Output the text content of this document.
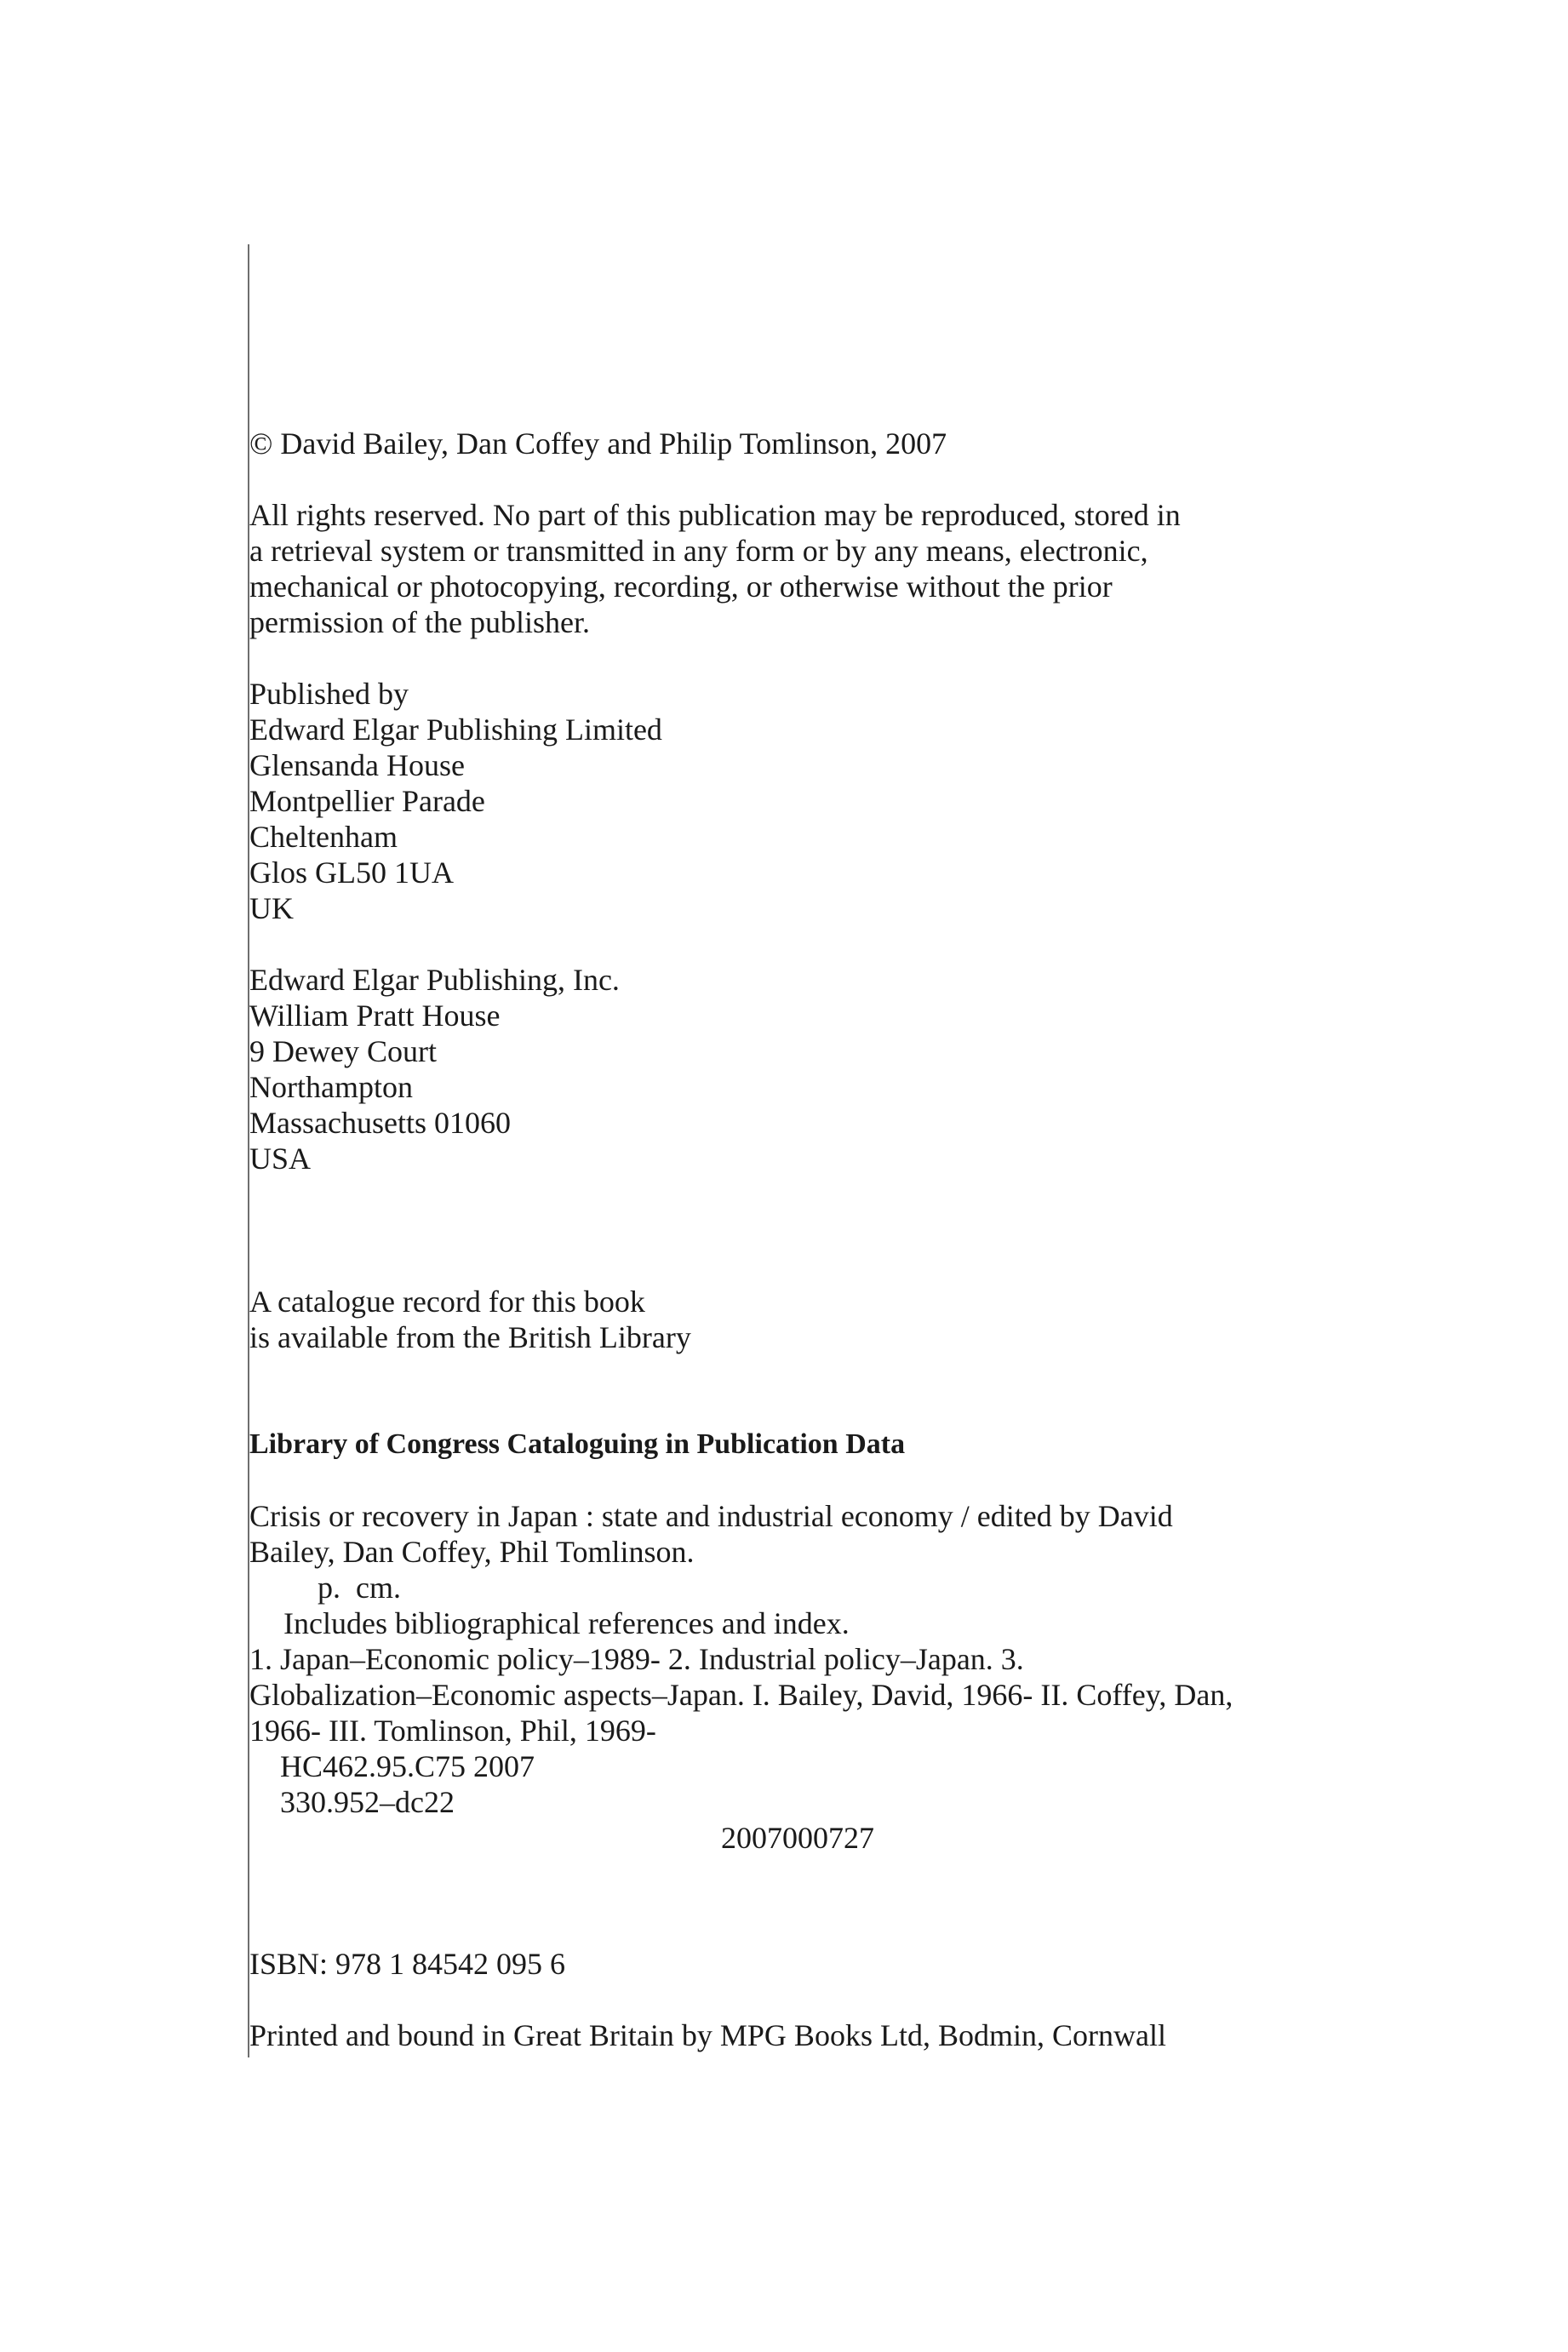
© David Bailey, Dan Coffey and Philip Tomlinson, 2007
All rights reserved. No part of this publication may be reproduced, stored in
a retrieval system or transmitted in any form or by any means, electronic,
mechanical or photocopying, recording, or otherwise without the prior
permission of the publisher.
Published by
Edward Elgar Publishing Limited
Glensanda House
Montpellier Parade
Cheltenham
Glos GL50 1UA
UK
Edward Elgar Publishing, Inc.
William Pratt House
9 Dewey Court
Northampton
Massachusetts 01060
USA
A catalogue record for this book
is available from the British Library
Library of Congress Cataloguing in Publication Data
Crisis or recovery in Japan : state and industrial economy / edited by David
Bailey, Dan Coffey, Phil Tomlinson.
p.  cm.
Includes bibliographical references and index.
1. Japan–Economic policy–1989- 2. Industrial policy–Japan. 3.
Globalization–Economic aspects–Japan. I. Bailey, David, 1966- II. Coffey, Dan,
1966- III. Tomlinson, Phil, 1969-
HC462.95.C75 2007
330.952–dc22
2007000727
ISBN: 978 1 84542 095 6
Printed and bound in Great Britain by MPG Books Ltd, Bodmin, Cornwall
